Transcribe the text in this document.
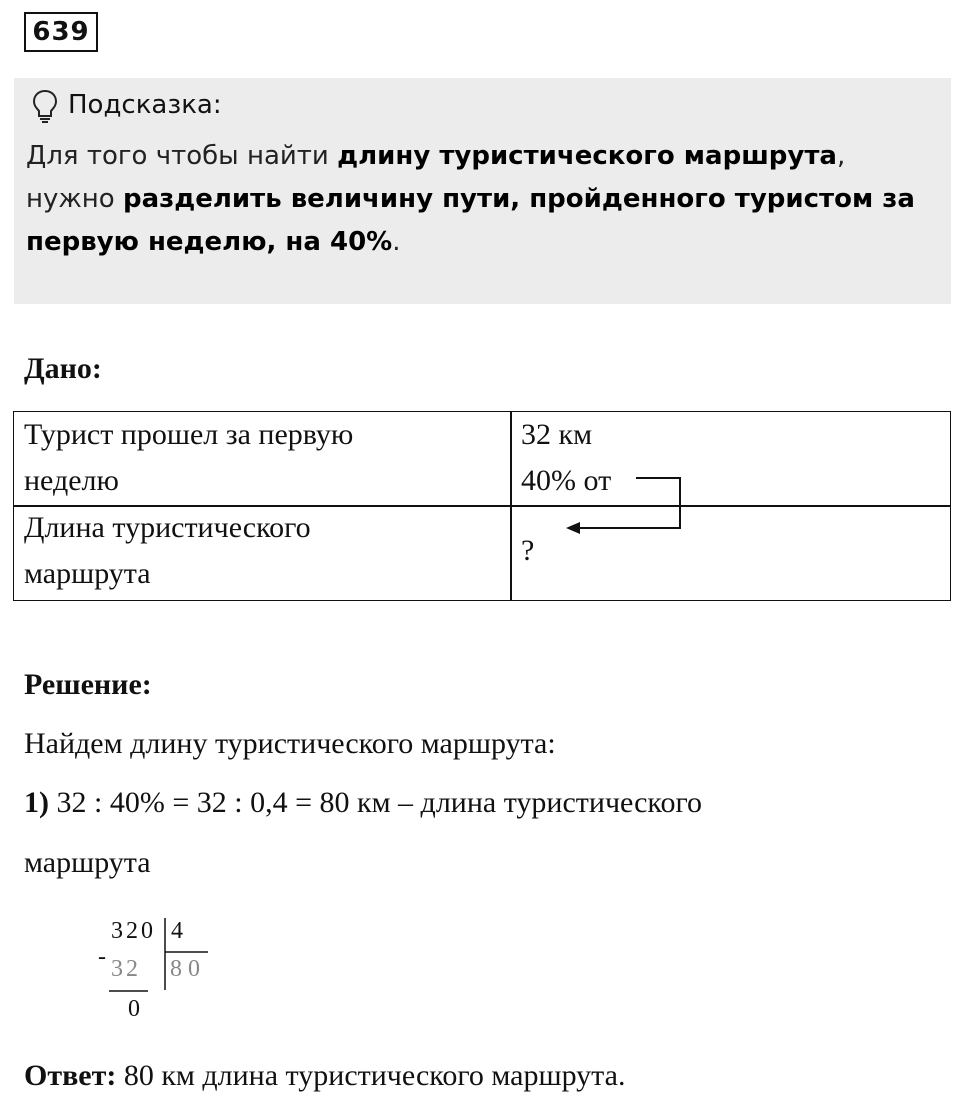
639
Подсказка:
Для того чтобы найти длину туристического маршрута,
нужно разделить величину пути, пройденного туристом за первую неделю, на 40%.
Дано:
Турист прошел за первую
неделю
32 км
40% от
Длина туристического
маршрута
?
Решение:
Найдем длину туристического маршрута:
1) 32 : 40% = 32 : 0,4 = 80 км – длина туристического
маршрута
-
320 4
32 80
0
Ответ: 80 км длина туристического маршрута.
